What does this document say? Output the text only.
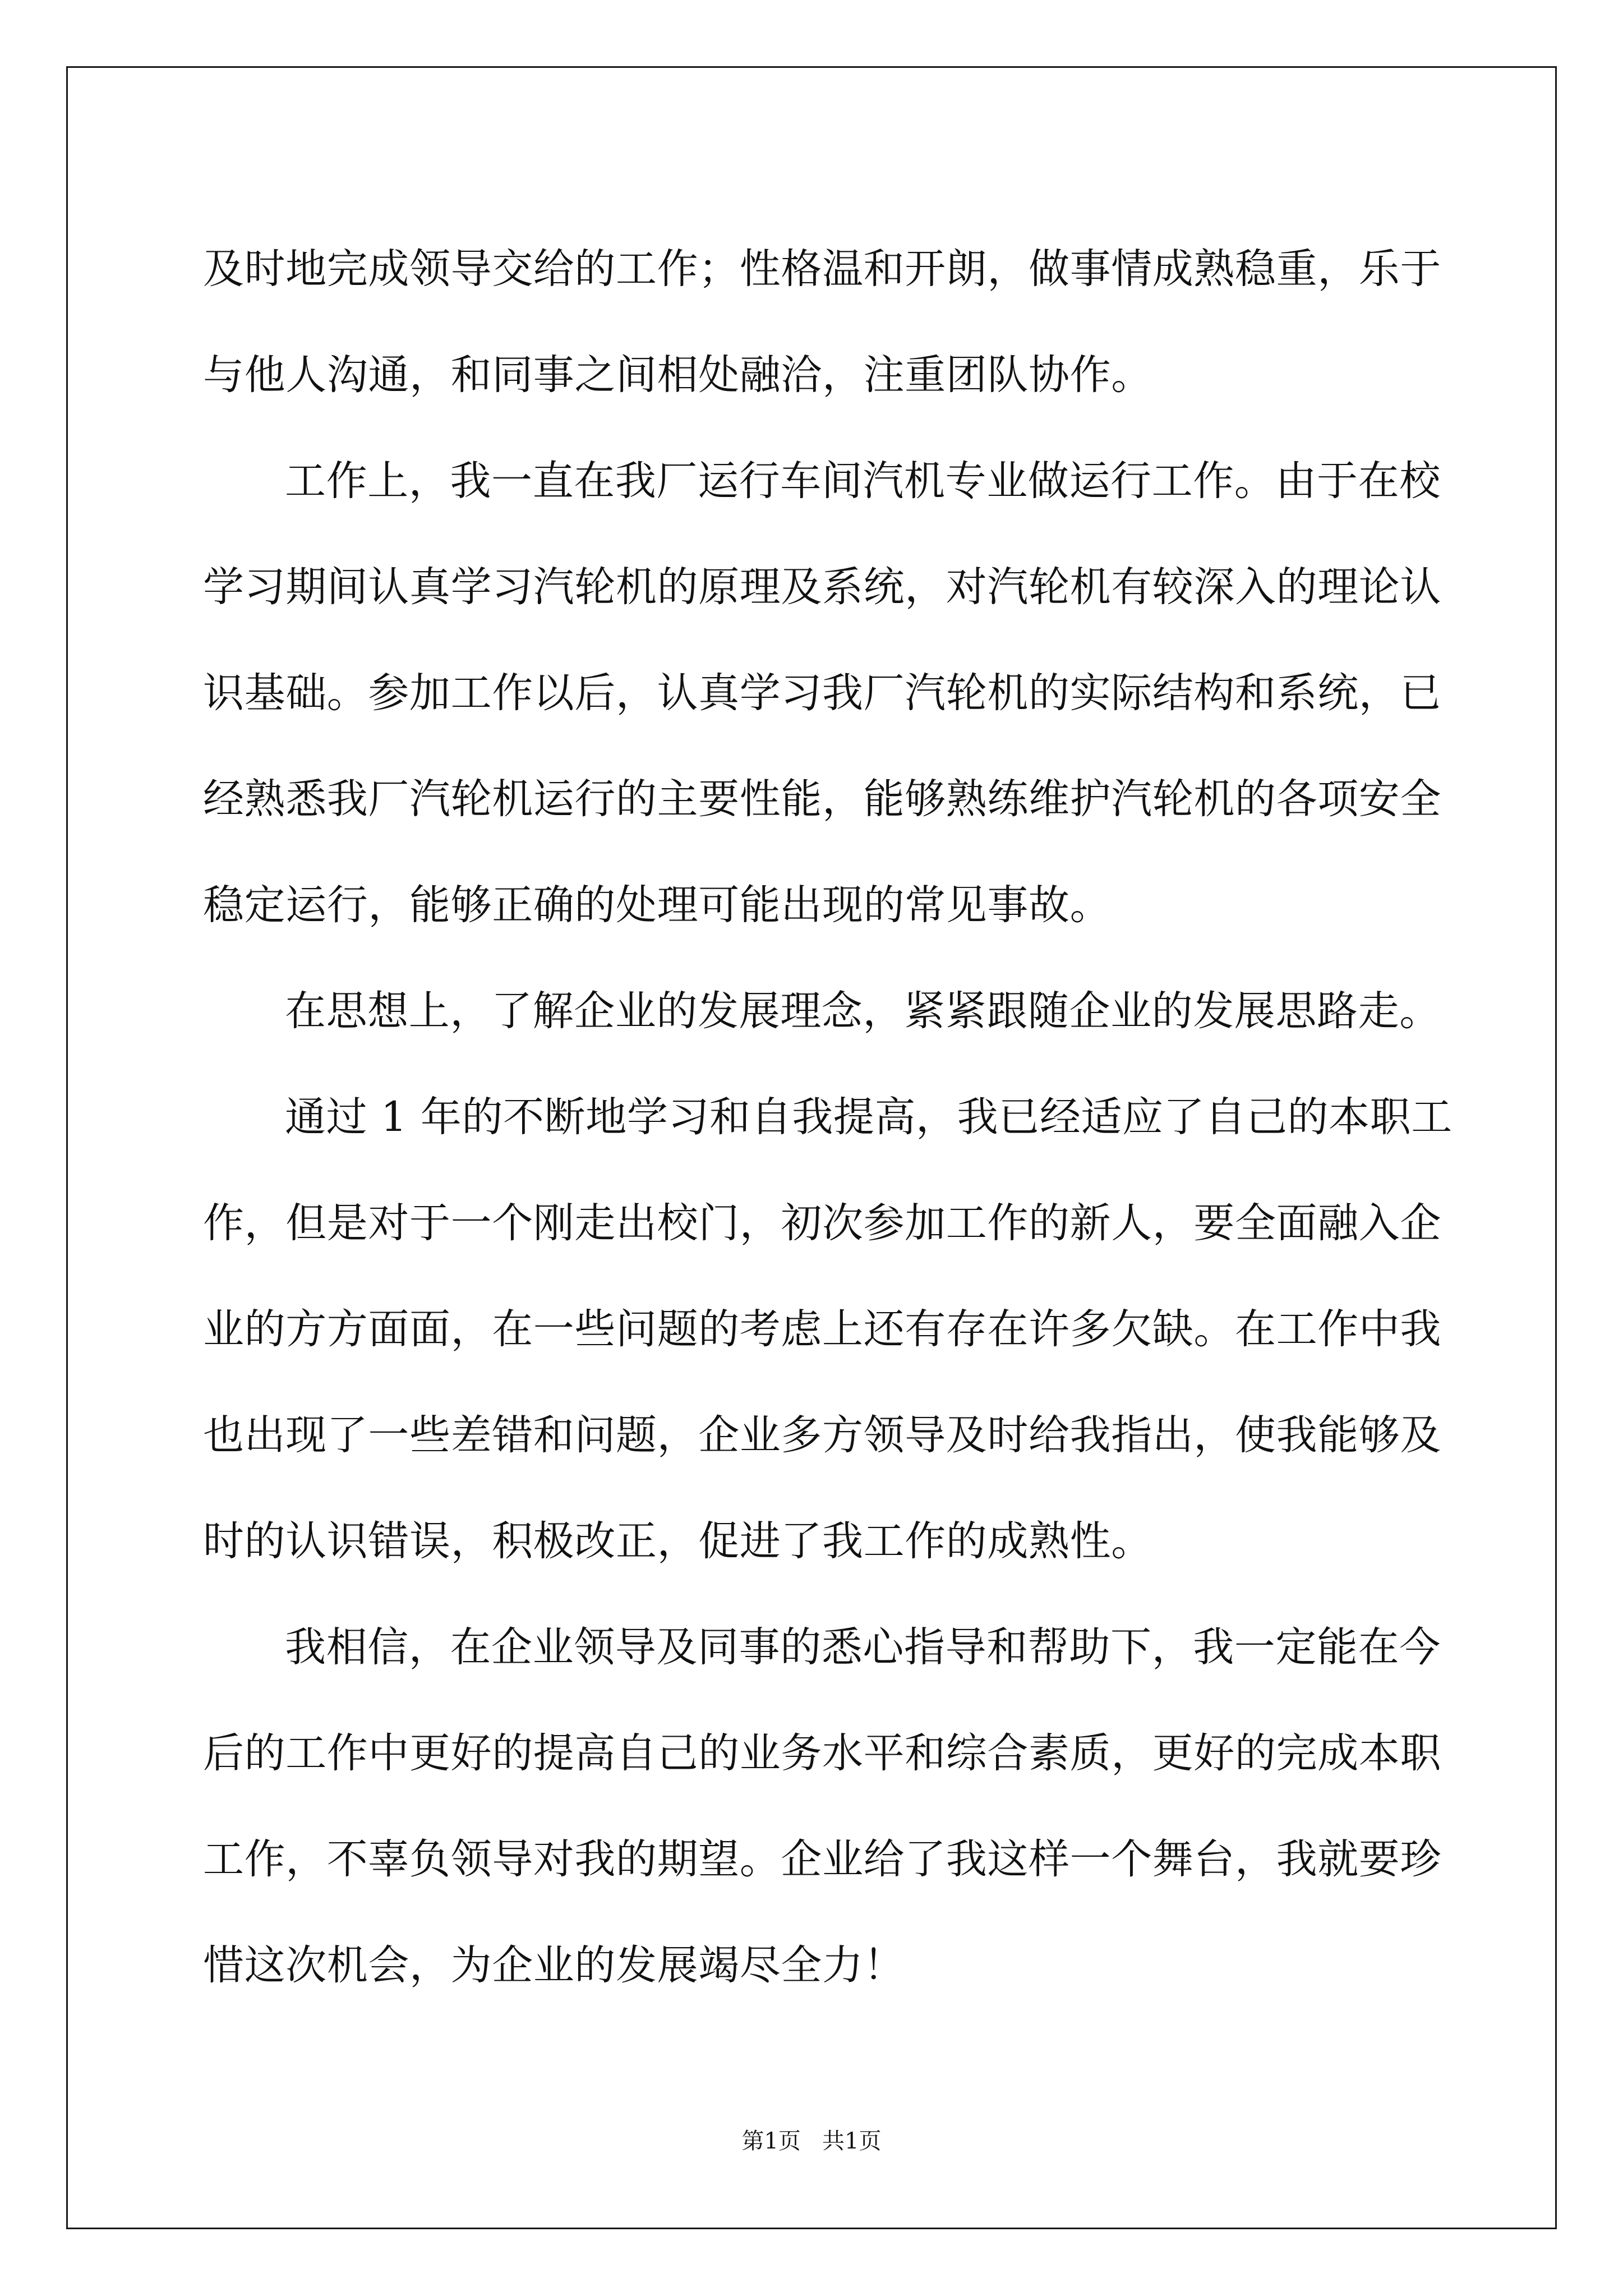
及时地完成领导交给的工作；性格温和开朗，做事情成熟稳重，乐于
与他人沟通，和同事之间相处融洽，注重团队协作。
工作上，我一直在我厂运行车间汽机专业做运行工作。由于在校
学习期间认真学习汽轮机的原理及系统，对汽轮机有较深入的理论认
识基础。参加工作以后，认真学习我厂汽轮机的实际结构和系统，已
经熟悉我厂汽轮机运行的主要性能，能够熟练维护汽轮机的各项安全
稳定运行，能够正确的处理可能出现的常见事故。
在思想上，了解企业的发展理念，紧紧跟随企业的发展思路走。
通过 1 年的不断地学习和自我提高，我已经适应了自己的本职工
作，但是对于一个刚走出校门，初次参加工作的新人，要全面融入企
业的方方面面，在一些问题的考虑上还有存在许多欠缺。在工作中我
也出现了一些差错和问题，企业多方领导及时给我指出，使我能够及
时的认识错误，积极改正，促进了我工作的成熟性。
我相信，在企业领导及同事的悉心指导和帮助下，我一定能在今
后的工作中更好的提高自己的业务水平和综合素质，更好的完成本职
工作，不辜负领导对我的期望。企业给了我这样一个舞台，我就要珍
惜这次机会，为企业的发展竭尽全力！
第1页   共1页
